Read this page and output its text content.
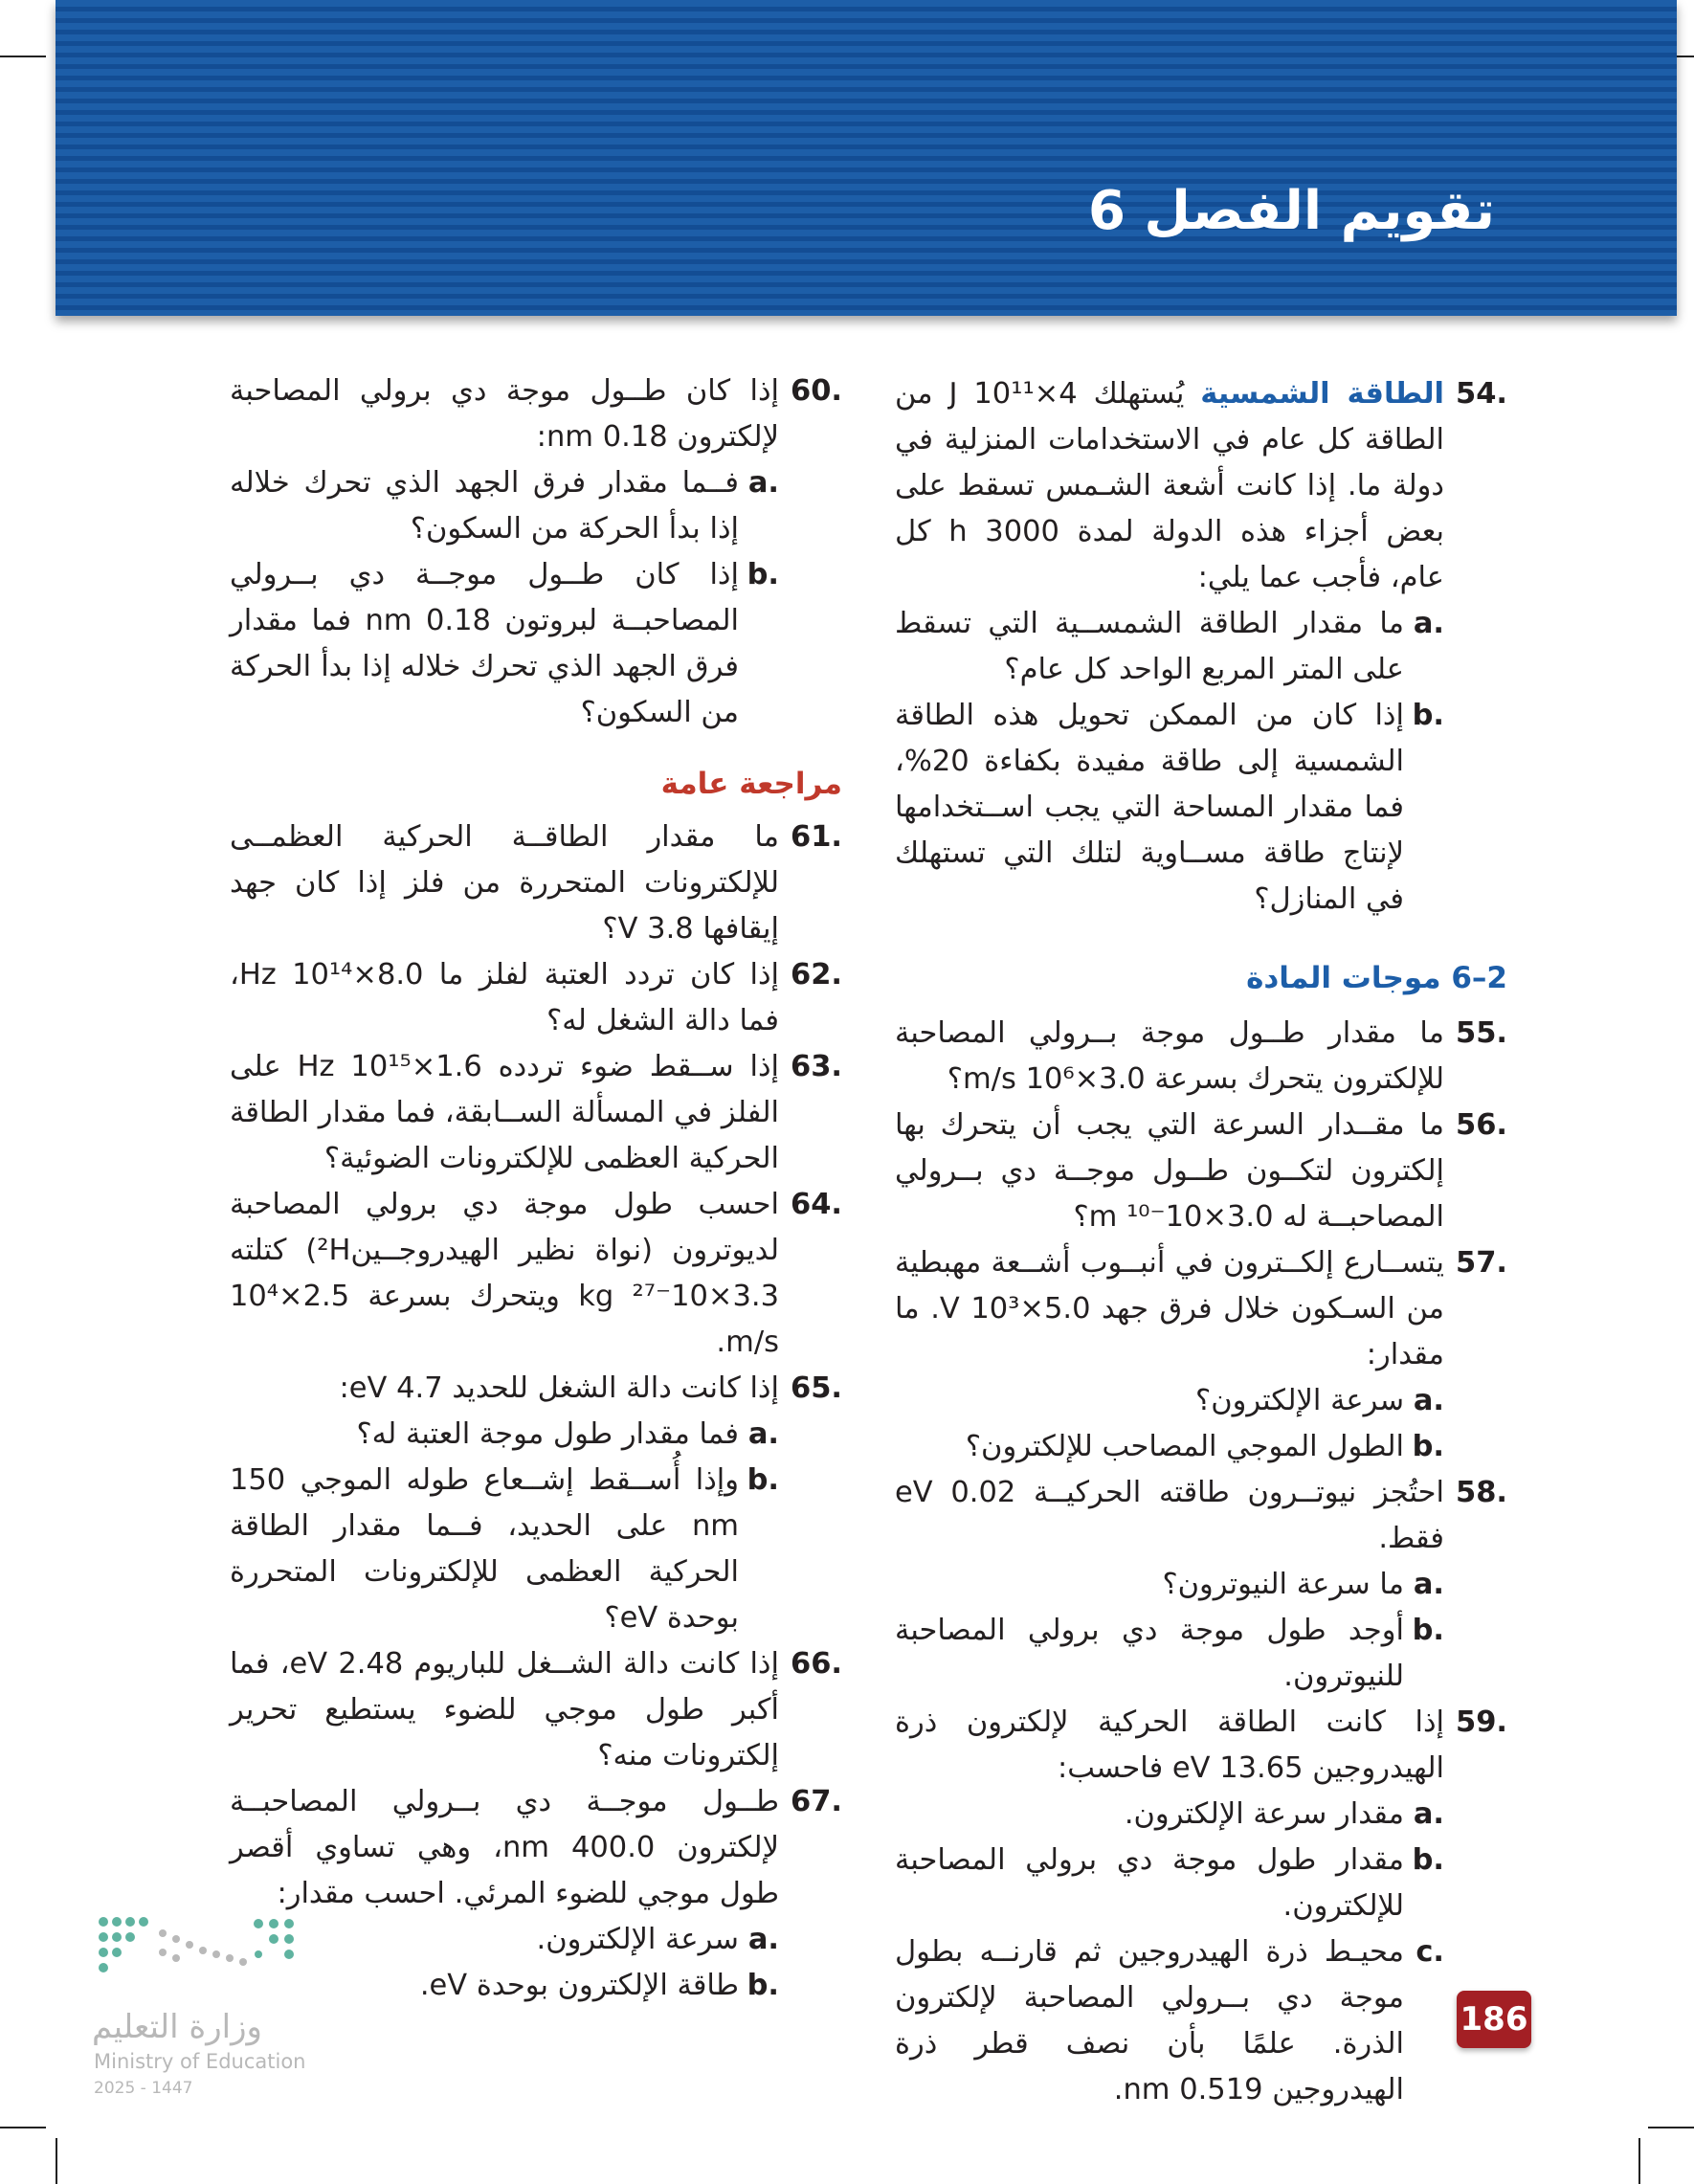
تقويم الفصل 6
54.
الطاقة الشمسية يُستهلك J 10¹¹×4 من الطاقة كل عام في الاستخدامات المنزلية في دولة ما. إذا كانت أشعة الشـمس تسقط على بعض أجزاء هذه الدولة لمدة h 3000 كل عام، فأجب عما يلي:
a.
ما مقدار الطاقة الشمســية التي تسقط على المتر المربع الواحد كل عام؟
b.
إذا كان من الممكن تحويل هذه الطاقة الشمسية إلى طاقة مفيدة بكفاءة 20%، فما مقدار المساحة التي يجب اســتخدامها لإنتاج طاقة مســاوية لتلك التي تستهلك في المنازل؟
2–6 موجات المادة
55.
ما مقدار طــول موجة بــرولي المصاحبة للإلكترون يتحرك بسرعة 3.0×10⁶ m/s؟
56.
ما مقــدار السرعة التي يجب أن يتحرك بها إلكترون لتكــون طــول موجــة دي بــرولي المصاحبــة له 3.0×10⁻¹⁰ m؟
57.
يتســارع إلكــترون في أنبــوب أشــعة مهبطية من السـكون خلال فرق جهد 5.0×10³ V. ما مقدار:
a.
سرعة الإلكترون؟
b.
الطول الموجي المصاحب للإلكترون؟
58.
احتُجز نيوتــرون طاقته الحركيــة 0.02 eV فقط.
a.
ما سرعة النيوترون؟
b.
أوجد طول موجة دي برولي المصاحبة للنيوترون.
59.
إذا كانت الطاقة الحركية لإلكترون ذرة الهيدروجين 13.65 eV فاحسب:
a.
مقدار سرعة الإلكترون.
b.
مقدار طول موجة دي برولي المصاحبة للإلكترون.
c.
محيـط ذرة الهيدروجين ثم قارنــه بطول موجة دي بــرولي المصاحبة لإلكترون الذرة. علمًا بأن نصف قطر ذرة الهيدروجين 0.519 nm.
60.
إذا كان طــول موجة دي برولي المصاحبة لإلكترون 0.18 nm:
a.
فــما مقدار فرق الجهد الذي تحرك خلاله إذا بدأ الحركة من السكون؟
b.
إذا كان طــول موجــة دي بــرولي المصاحبــة لبروتون 0.18 nm فما مقدار فرق الجهد الذي تحرك خلاله إذا بدأ الحركة من السكون؟
مراجعة عامة
61.
ما مقدار الطاقــة الحركية العظمــى للإلكترونات المتحررة من فلز إذا كان جهد إيقافها 3.8 V؟
62.
إذا كان تردد العتبة لفلز ما 8.0×10¹⁴ Hz، فما دالة الشغل له؟
63.
إذا ســقط ضوء تردده 1.6×10¹⁵ Hz على الفلز في المسألة الســابقة، فما مقدار الطاقة الحركية العظمى للإلكترونات الضوئية؟
64.
احسب طول موجة دي برولي المصاحبة لديوترون (نواة نظير الهيدروجــين²H) كتلته 3.3×10⁻²⁷ kg ويتحرك بسرعة 2.5×10⁴ m/s.
65.
إذا كانت دالة الشغل للحديد 4.7 eV:
a.
فما مقدار طول موجة العتبة له؟
b.
وإذا أُســقط إشــعاع طوله الموجي 150 nm على الحديد، فــما مقدار الطاقة الحركية العظمى للإلكترونات المتحررة بوحدة eV؟
66.
إذا كانت دالة الشــغل للباريوم 2.48 eV، فما أكبر طول موجي للضوء يستطيع تحرير إلكترونات منه؟
67.
طــول موجــة دي بــرولي المصاحبــة لإلكترون 400.0 nm، وهي تساوي أقصر طول موجي للضوء المرئي. احسب مقدار:
a.
سرعة الإلكترون.
b.
طاقة الإلكترون بوحدة eV.
وزارة التعليم
Ministry of Education
2025 - 1447
186
